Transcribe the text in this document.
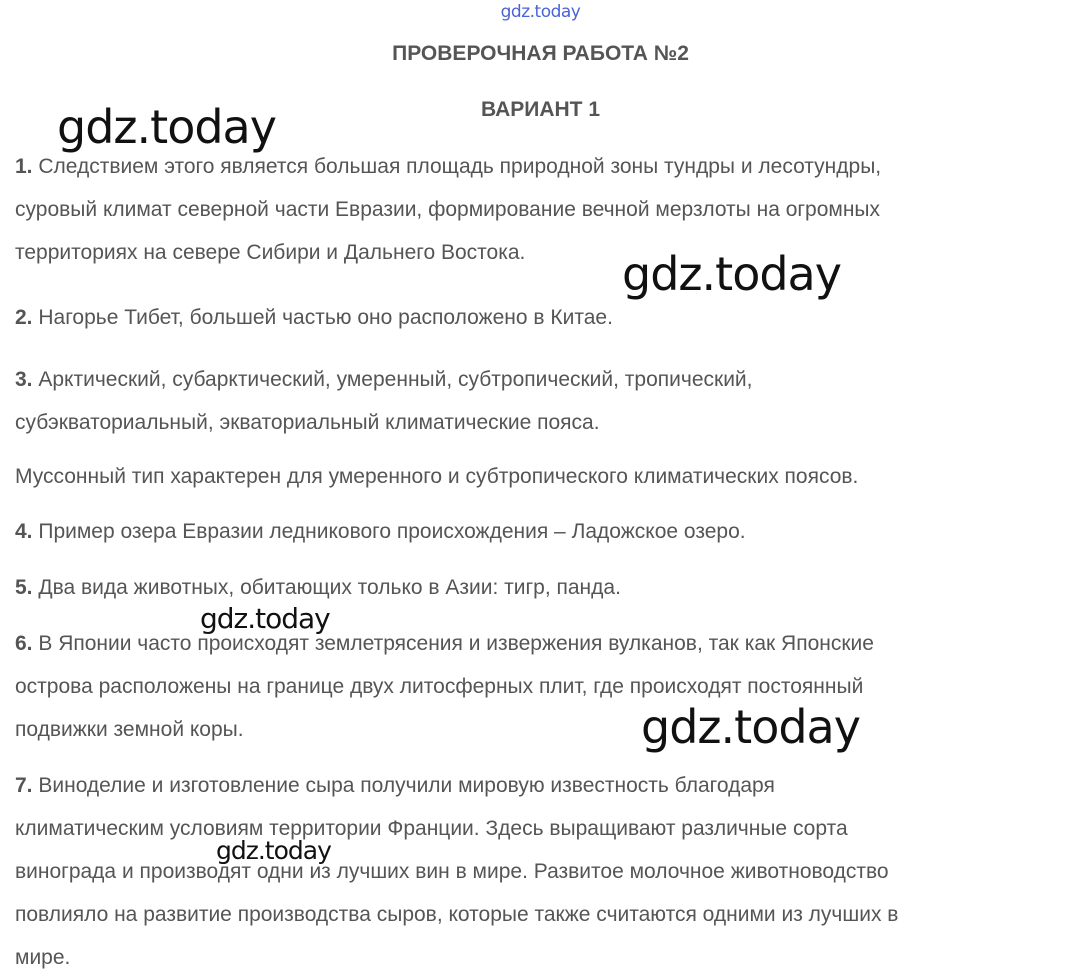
gdz.today
ПРОВЕРОЧНАЯ РАБОТА №2
ВАРИАНТ 1
1. Следствием этого является большая площадь природной зоны тундры и лесотундры,
суровый климат северной части Евразии, формирование вечной мерзлоты на огромных
территориях на севере Сибири и Дальнего Востока.
2. Нагорье Тибет, большей частью оно расположено в Китае.
3. Арктический, субарктический, умеренный, субтропический, тропический,
субэкваториальный, экваториальный климатические пояса.
Муссонный тип характерен для умеренного и субтропического климатических поясов.
4. Пример озера Евразии ледникового происхождения – Ладожское озеро.
5. Два вида животных, обитающих только в Азии: тигр, панда.
6. В Японии часто происходят землетрясения и извержения вулканов, так как Японские
острова расположены на границе двух литосферных плит, где происходят постоянный
подвижки земной коры.
7. Виноделие и изготовление сыра получили мировую известность благодаря
климатическим условиям территории Франции. Здесь выращивают различные сорта
винограда и производят одни из лучших вин в мире. Развитое молочное животноводство
повлияло на развитие производства сыров, которые также считаются одними из лучших в
мире.
gdz.today
gdz.today
gdz.today
gdz.today
gdz.today
